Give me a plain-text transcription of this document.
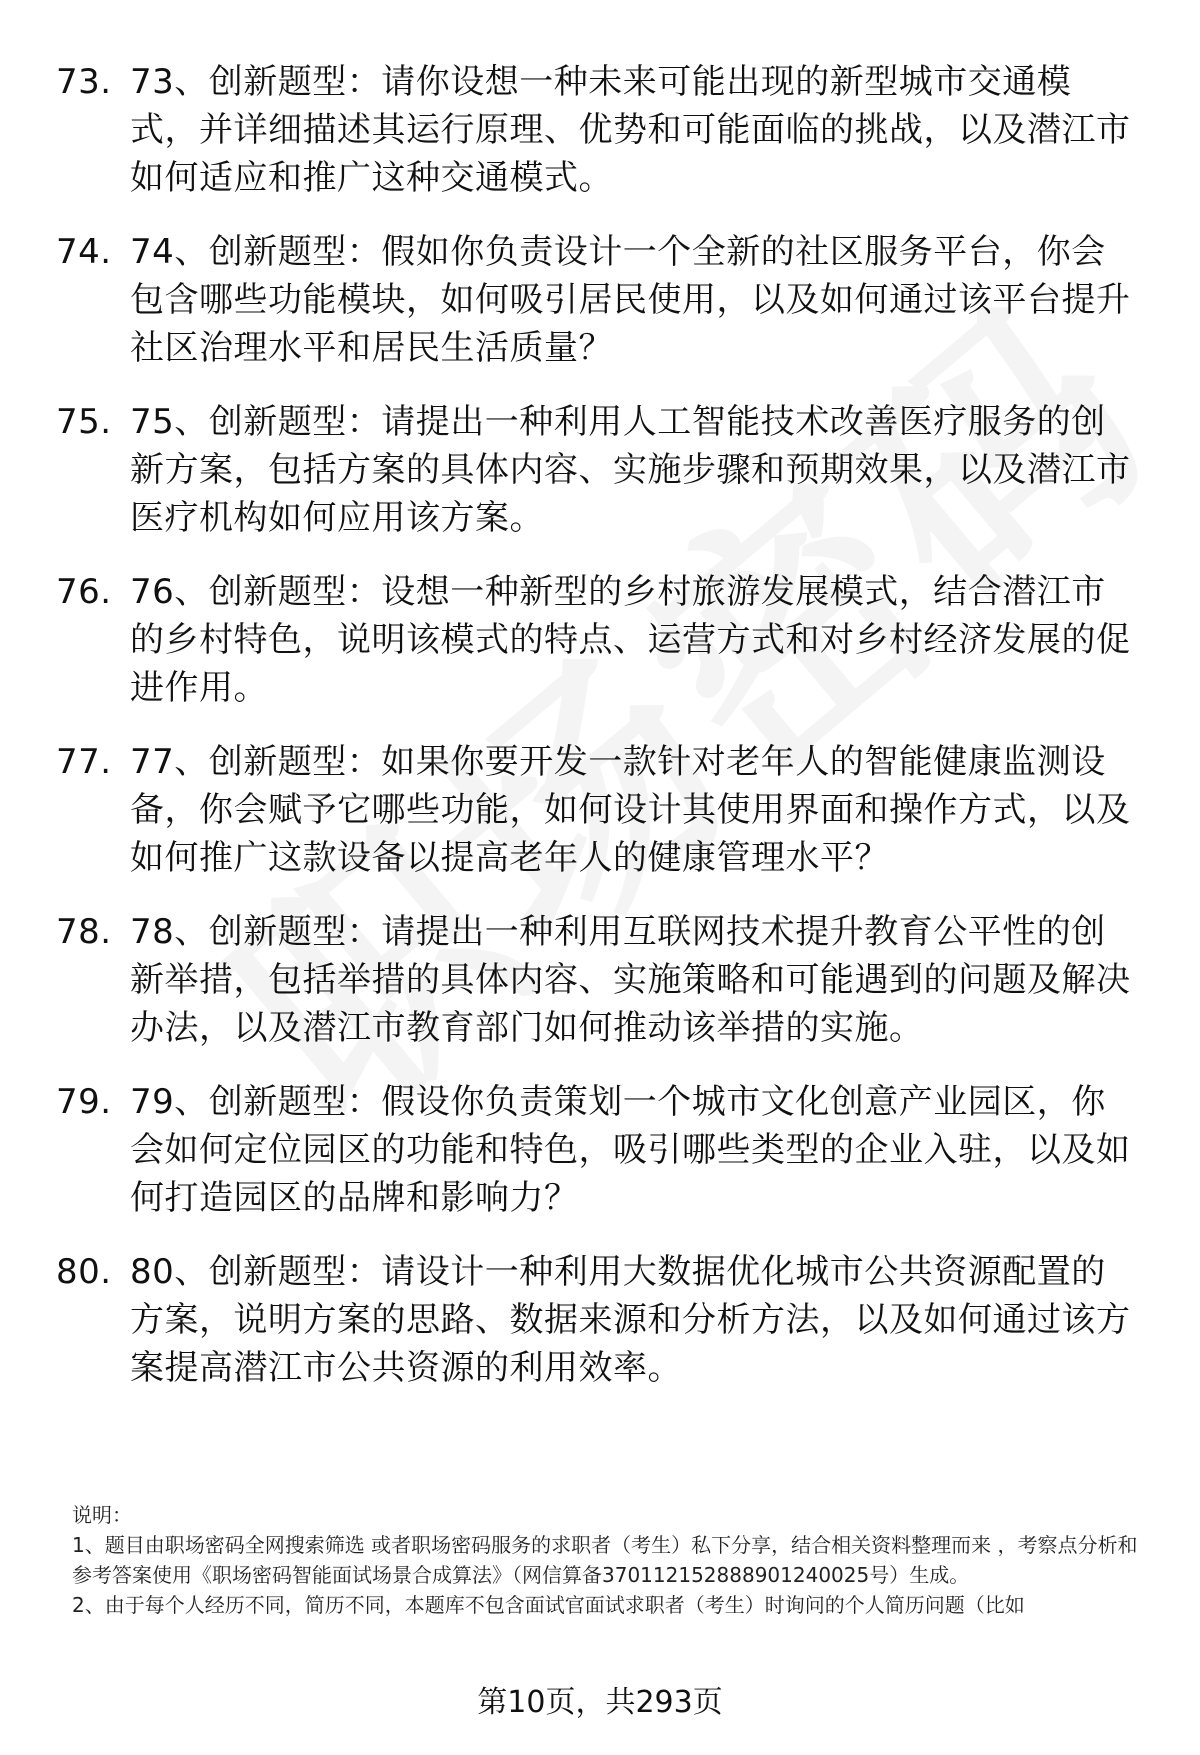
73. 73、创新题型：请你设想一种未来可能出现的新型城市交通模式，并详细描述其运行原理、优势和可能面临的挑战，以及潜江市如何适应和推广这种交通模式。
74. 74、创新题型：假如你负责设计一个全新的社区服务平台，你会包含哪些功能模块，如何吸引居民使用，以及如何通过该平台提升社区治理水平和居民生活质量？
75. 75、创新题型：请提出一种利用人工智能技术改善医疗服务的创新方案，包括方案的具体内容、实施步骤和预期效果，以及潜江市医疗机构如何应用该方案。
76. 76、创新题型：设想一种新型的乡村旅游发展模式，结合潜江市的乡村特色，说明该模式的特点、运营方式和对乡村经济发展的促进作用。
77. 77、创新题型：如果你要开发一款针对老年人的智能健康监测设备，你会赋予它哪些功能，如何设计其使用界面和操作方式，以及如何推广这款设备以提高老年人的健康管理水平？
78. 78、创新题型：请提出一种利用互联网技术提升教育公平性的创新举措，包括举措的具体内容、实施策略和可能遇到的问题及解决办法，以及潜江市教育部门如何推动该举措的实施。
79. 79、创新题型：假设你负责策划一个城市文化创意产业园区，你会如何定位园区的功能和特色，吸引哪些类型的企业入驻，以及如何打造园区的品牌和影响力？
80. 80、创新题型：请设计一种利用大数据优化城市公共资源配置的方案，说明方案的思路、数据来源和分析方法，以及如何通过该方案提高潜江市公共资源的利用效率。
说明：
1、题目由职场密码全网搜索筛选 或者职场密码服务的求职者（考生）私下分享，结合相关资料整理而来 ，考察点分析和参考答案使用《职场密码智能面试场景合成算法》（网信算备370112152888901240025号）生成。
2、由于每个人经历不同，简历不同，本题库不包含面试官面试求职者（考生）时询问的个人简历问题（比如
第10页，共293页
